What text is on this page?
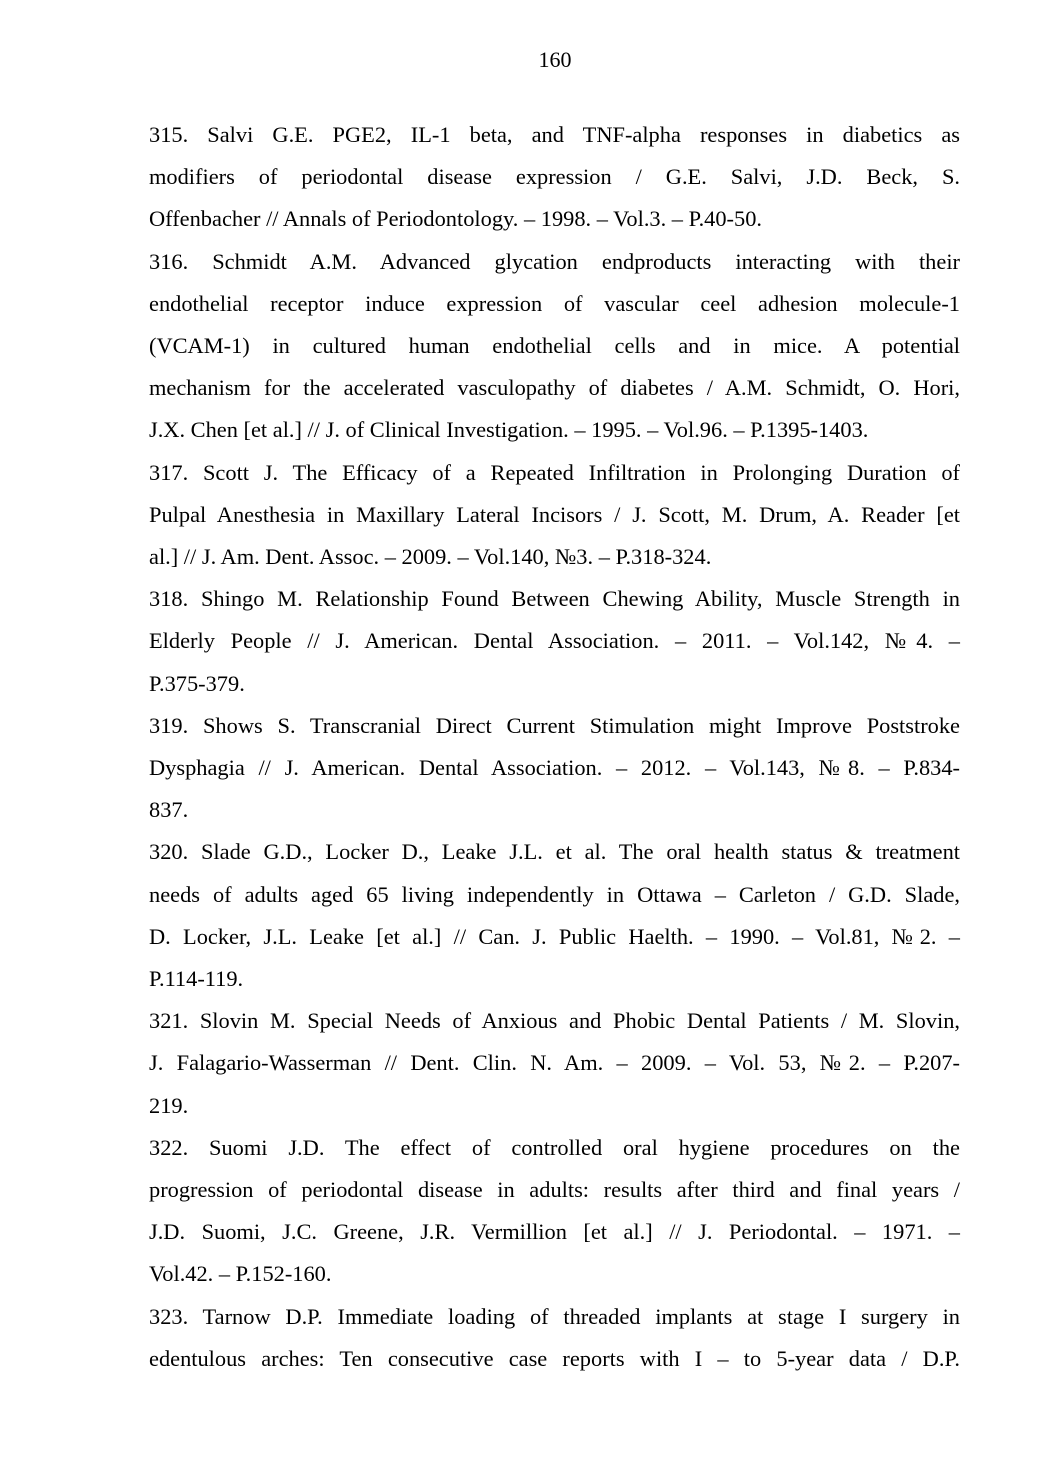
160

315. Salvi G.E. PGE2, IL-1 beta, and TNF-alpha responses in diabetics as
modifiers of periodontal disease expression / G.E. Salvi, J.D. Beck, S.
Offenbacher // Annals of Periodontology. – 1998. – Vol.3. – P.40-50.

316. Schmidt A.M. Advanced glycation endproducts interacting with their
endothelial receptor induce expression of vascular ceel adhesion molecule-1
(VCAM-1) in cultured human endothelial cells and in mice. A potential
mechanism for the accelerated vasculopathy of diabetes / A.M. Schmidt, O. Hori,
J.X. Chen [et al.] // J. of Clinical Investigation. – 1995. – Vol.96. – P.1395-1403.

317. Scott J. The Efficacy of a Repeated Infiltration in Prolonging Duration of
Pulpal Anesthesia in Maxillary Lateral Incisors / J. Scott, M. Drum, A. Reader [et
al.] // J. Am. Dent. Assoc. – 2009. – Vol.140, №3. – P.318-324.

318. Shingo M. Relationship Found Between Chewing Ability, Muscle Strength in
Elderly People // J. American. Dental Association. – 2011. – Vol.142, №4. –
P.375-379.

319. Shows S. Transcranial Direct Current Stimulation might Improve Poststroke
Dysphagia // J. American. Dental Association. – 2012. – Vol.143, №8. – P.834-
837.

320. Slade G.D., Locker D., Leake J.L. et al. The oral health status & treatment
needs of adults aged 65 living independently in Ottawa – Carleton / G.D. Slade,
D. Locker, J.L. Leake [et al.] // Can. J. Public Haelth. – 1990. – Vol.81, №2. –
P.114-119.

321. Slovin M. Special Needs of Anxious and Phobic Dental Patients / M. Slovin,
J. Falagario-Wasserman // Dent. Clin. N. Am. – 2009. – Vol. 53, №2. – P.207-
219.

322. Suomi J.D. The effect of controlled oral hygiene procedures on the
progression of periodontal disease in adults: results after third and final years /
J.D. Suomi, J.C. Greene, J.R. Vermillion [et al.] // J. Periodontal. – 1971. –
Vol.42. – P.152-160.

323. Tarnow D.P. Immediate loading of threaded implants at stage I surgery in
edentulous arches: Ten consecutive case reports with I – to 5-year data / D.P.
